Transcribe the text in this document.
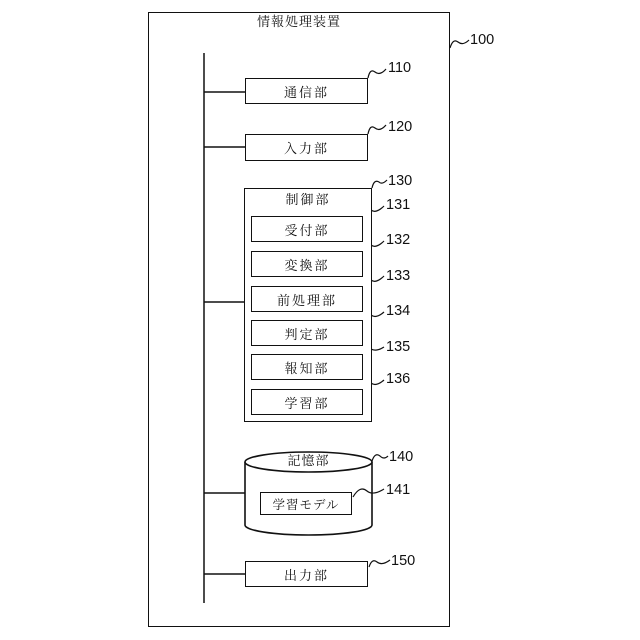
情報処理装置
通信部
入力部
制御部
受付部
変換部
前処理部
判定部
報知部
学習部
記憶部
学習モデル
出力部
100
110
120
130
131
132
133
134
135
136
140
141
150
